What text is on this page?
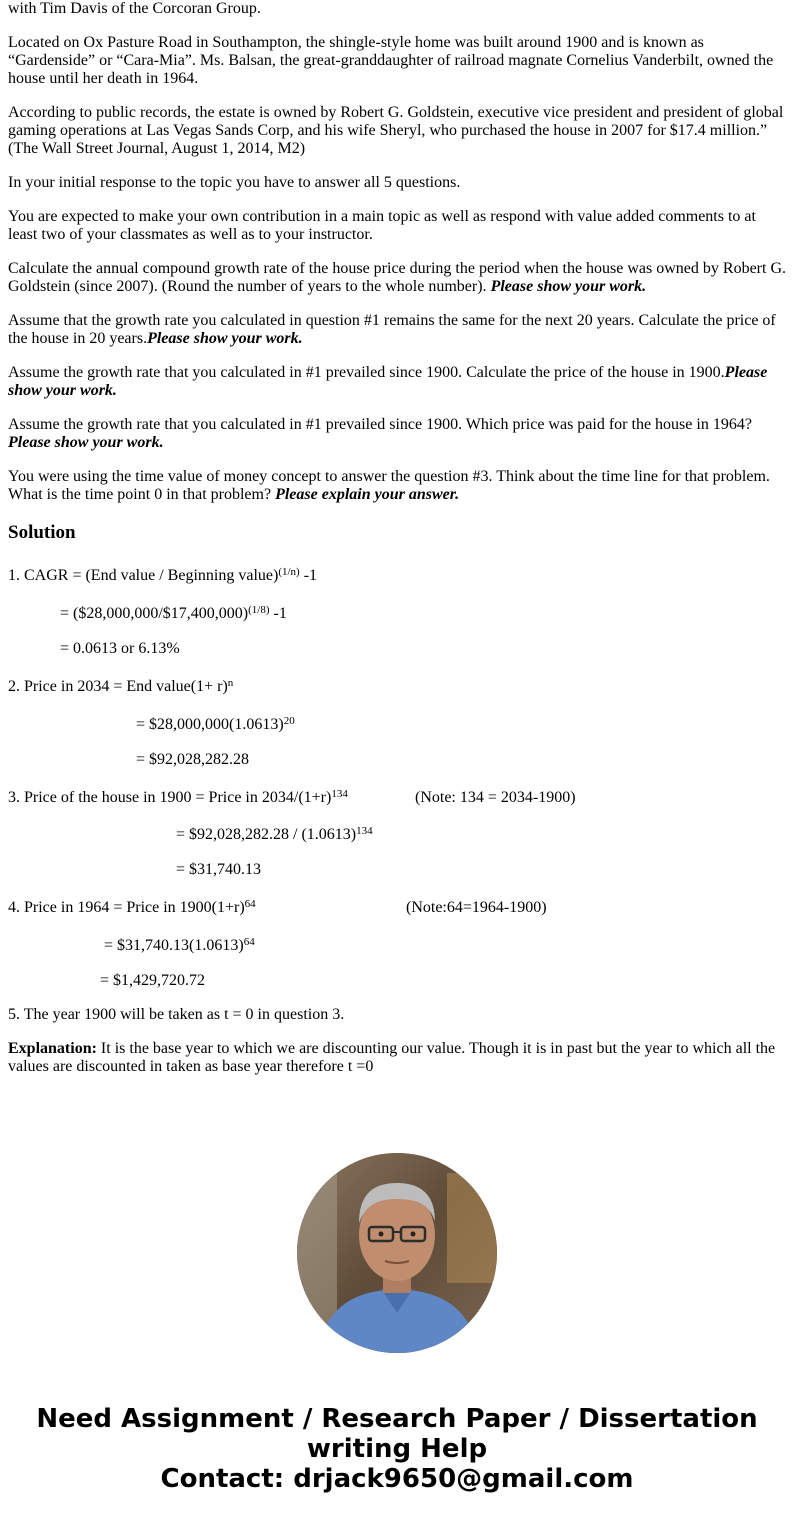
with Tim Davis of the Corcoran Group.

Located on Ox Pasture Road in Southampton, the shingle-style home was built around 1900 and is known as “Gardenside” or “Cara-Mia”. Ms. Balsan, the great-granddaughter of railroad magnate Cornelius Vanderbilt, owned the house until her death in 1964.

According to public records, the estate is owned by Robert G. Goldstein, executive vice president and president of global gaming operations at Las Vegas Sands Corp, and his wife Sheryl, who purchased the house in 2007 for $17.4 million.” (The Wall Street Journal, August 1, 2014, M2)

In your initial response to the topic you have to answer all 5 questions.

You are expected to make your own contribution in a main topic as well as respond with value added comments to at least two of your classmates as well as to your instructor.

Calculate the annual compound growth rate of the house price during the period when the house was owned by Robert G. Goldstein (since 2007). (Round the number of years to the whole number). Please show your work.

Assume that the growth rate you calculated in question #1 remains the same for the next 20 years. Calculate the price of the house in 20 years.Please show your work.

Assume the growth rate that you calculated in #1 prevailed since 1900. Calculate the price of the house in 1900.Please show your work.

Assume the growth rate that you calculated in #1 prevailed since 1900. Which price was paid for the house in 1964? Please show your work.

You were using the time value of money concept to answer the question #3. Think about the time line for that problem. What is the time point 0 in that problem? Please explain your answer.

Solution

1. CAGR = (End value / Beginning value)$^{(1/n)}$ -1

= ($28,000,000/$17,400,000)$^{(1/8)}$ -1

= 0.0613 or 6.13%

2. Price in 2034 = End value(1+ r)$^n$

= $\$28,000,000(1.0613)^{20}$

= $92,028,282.28

3. Price of the house in 1900 = Price in $2034/(1+r)^{134}$	(Note: 134 = 2034-1900)

= $92,028,282.28 / $(1.0613)^{134}$

= $31,740.13

4. Price in 1964 = Price in $1900(1+r)^{64}$	(Note:64=1964-1900)

= $\$31,740.13(1.0613)^{64}$

= $1,429,720.72

5. The year 1900 will be taken as t = 0 in question 3.

Explanation: It is the base year to which we are discounting our value. Though it is in past but the year to which all the values are discounted in taken as base year therefore t =0

Need Assignment / Research Paper / Dissertation

writing Help

Contact: drjack9650@gmail.com
